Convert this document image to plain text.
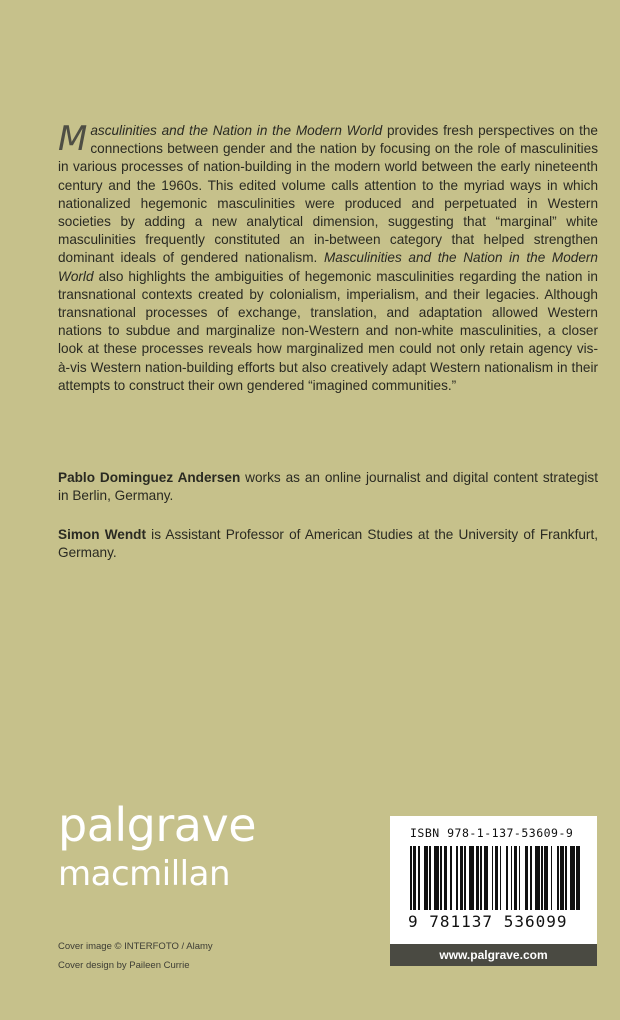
Masculinities and the Nation in the Modern World provides fresh perspectives on the connections between gender and the nation by focusing on the role of masculinities in various processes of nation-building in the modern world between the early nineteenth century and the 1960s. This edited volume calls attention to the myriad ways in which nationalized hegemonic masculinities were produced and perpetuated in Western societies by adding a new analytical dimension, suggesting that “marginal” white masculinities frequently constituted an in-between category that helped strengthen dominant ideals of gendered nationalism. Masculinities and the Nation in the Modern World also highlights the ambiguities of hegemonic masculinities regarding the nation in transnational contexts created by colonialism, imperialism, and their legacies. Although transnational processes of exchange, translation, and adaptation allowed Western nations to subdue and marginalize non-Western and non-white masculinities, a closer look at these processes reveals how marginalized men could not only retain agency vis-à-vis Western nation-building efforts but also creatively adapt Western nationalism in their attempts to construct their own gendered “imagined communities.”

Pablo Dominguez Andersen works as an online journalist and digital content strategist in Berlin, Germany.

Simon Wendt is Assistant Professor of American Studies at the University of Frankfurt, Germany.

palgrave
macmillan
Cover image © INTERFOTO / Alamy
Cover design by Paileen Currie
ISBN 978-1-137-53609-9
9 781137 536099
www.palgrave.com
